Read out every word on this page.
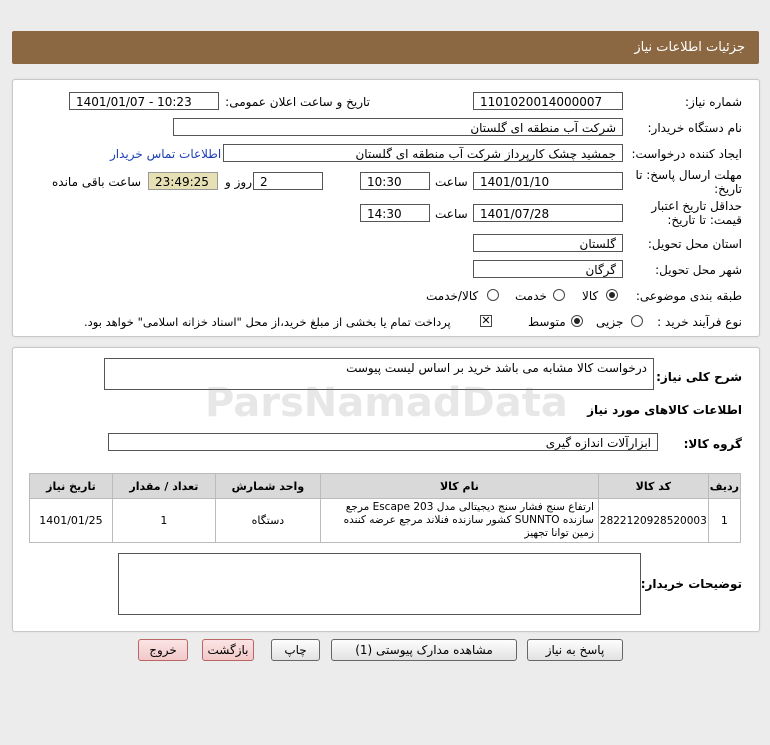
جزئیات اطلاعات نیاز
شماره نیاز:
1101020014000007
تاریخ و ساعت اعلان عمومی:
1401/01/07 - 10:23
نام دستگاه خریدار:
شرکت آب منطقه ای گلستان
ایجاد کننده درخواست:
جمشید چشک کارپرداز شرکت آب منطقه ای گلستان
اطلاعات تماس خریدار
مهلت ارسال پاسخ: تا
تاریخ:
1401/01/10
ساعت
10:30
2
روز و
23:49:25
ساعت باقی مانده
حداقل تاریخ اعتبار
قیمت: تا تاریخ:
1401/07/28
ساعت
14:30
استان محل تحویل:
گلستان
شهر محل تحویل:
گرگان
طبقه بندی موضوعی:
کالا
خدمت
کالا/خدمت
نوع فرآیند خرید :
جزیی
متوسط
✕
پرداخت تمام یا بخشی از مبلغ خرید،از محل "اسناد خزانه اسلامی" خواهد بود.
شرح کلی نیاز:
درخواست کالا مشابه می باشد خرید بر اساس لیست پیوست
اطلاعات کالاهای مورد نیاز
گروه کالا:
ابزارآلات اندازه گیری
ردیف	کد کالا	نام کالا	واحد شمارش	تعداد / مقدار	تاریخ نیاز
1	2822120928520003	ارتفاع سنج فشار سنج دیجیتالی مدل Escape 203 مرجع سازنده SUNNTO کشور سازنده فنلاند مرجع عرضه کننده زمین توانا تجهیز	دستگاه	1	1401/01/25
توضیحات خریدار:
پاسخ به نیاز
مشاهده مدارک پیوستی (1)
چاپ
بازگشت
خروج
